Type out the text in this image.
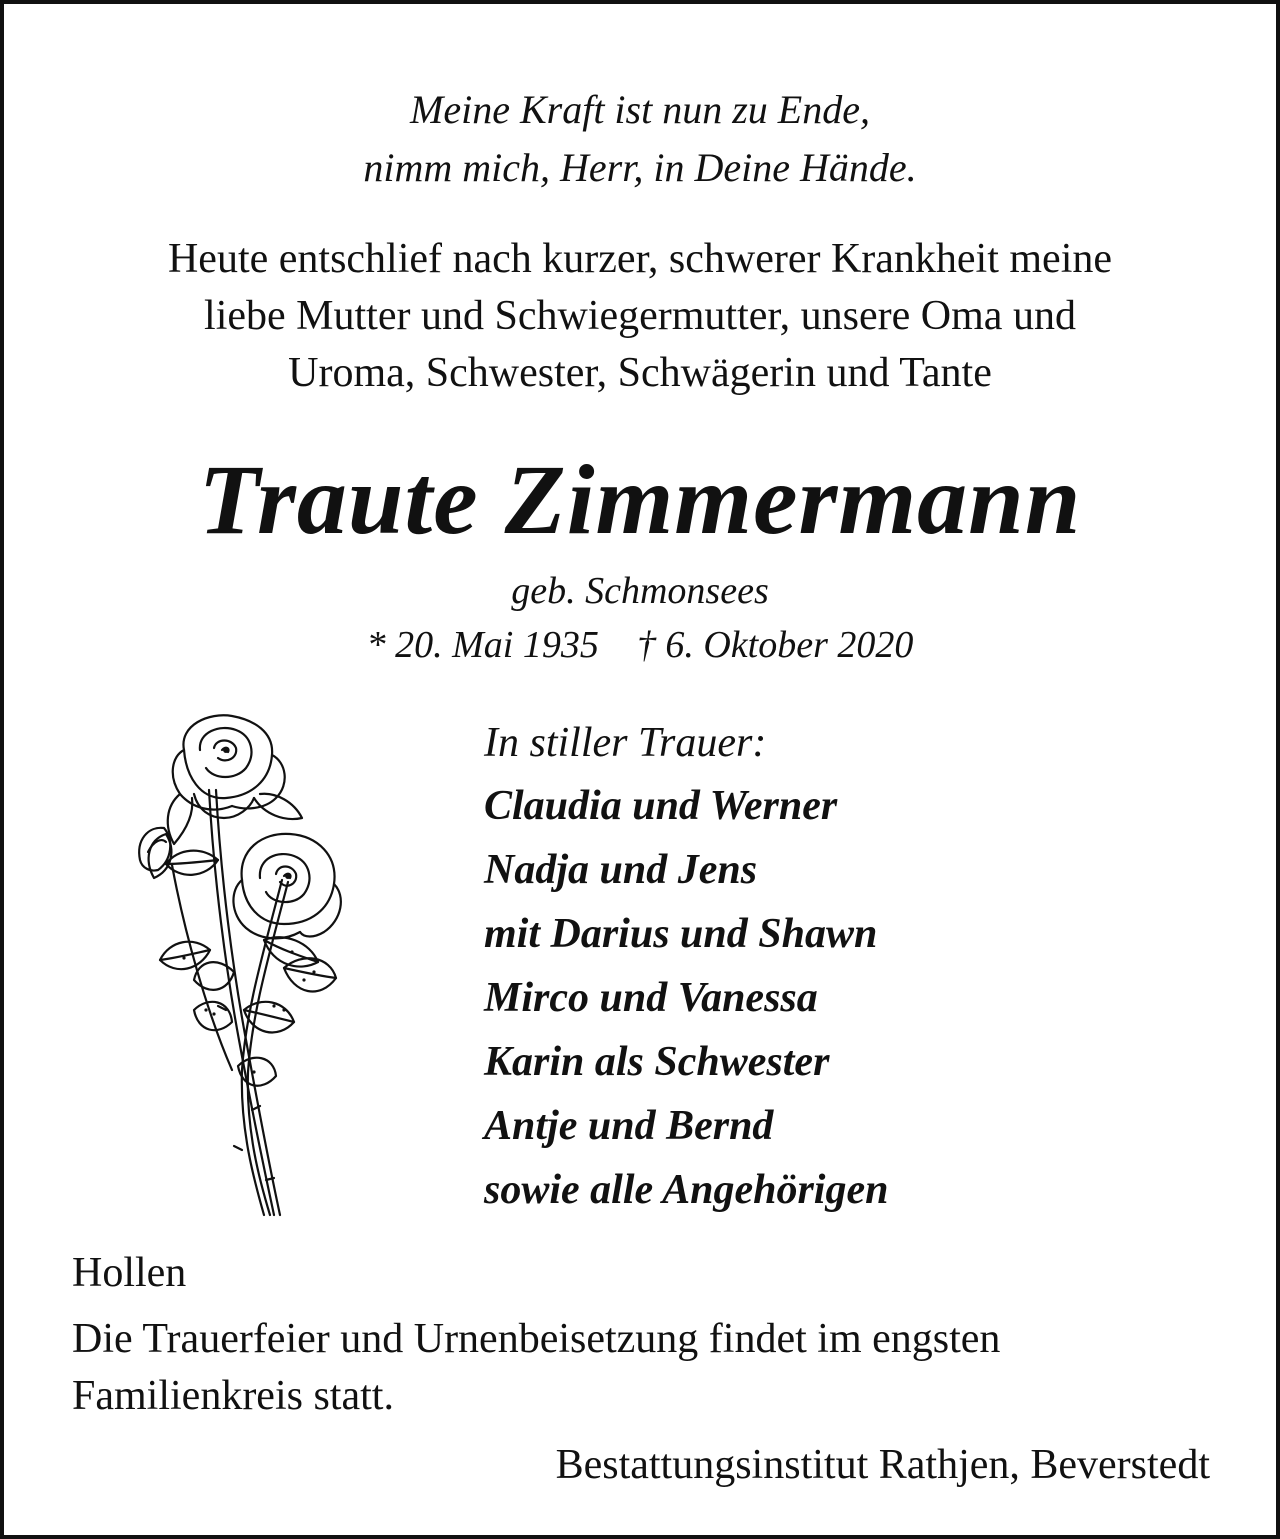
Meine Kraft ist nun zu Ende,
nimm mich, Herr, in Deine Hände.
Heute entschlief nach kurzer, schwerer Krankheit meine
liebe Mutter und Schwiegermutter, unsere Oma und
Uroma, Schwester, Schwägerin und Tante
Traute Zimmermann
geb. Schmonsees
* 20. Mai 1935 † 6. Oktober 2020
In stiller Trauer:
Claudia und Werner
Nadja und Jens
mit Darius und Shawn
Mirco und Vanessa
Karin als Schwester
Antje und Bernd
sowie alle Angehörigen
Hollen
Die Trauerfeier und Urnenbeisetzung findet im engsten
Familienkreis statt.
Bestattungsinstitut Rathjen, Beverstedt
